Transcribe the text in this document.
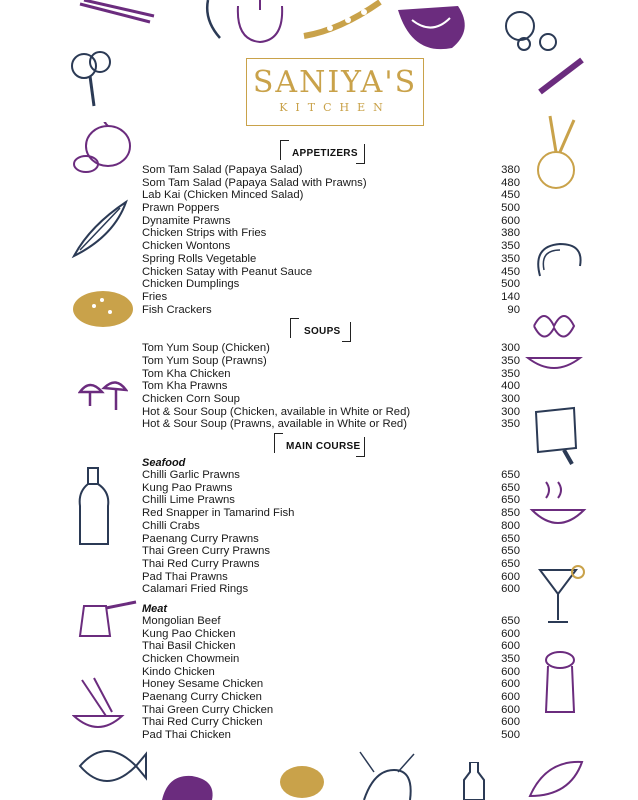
SANIYA'S
KITCHEN
APPETIZERS
Som Tam Salad (Papaya Salad)	380
Som Tam Salad (Papaya Salad with Prawns)	480
Lab Kai (Chicken Minced Salad)	450
Prawn Poppers	500
Dynamite Prawns	600
Chicken Strips with Fries	380
Chicken Wontons	350
Spring Rolls Vegetable	350
Chicken Satay with Peanut Sauce	450
Chicken Dumplings	500
Fries	140
Fish Crackers	90
SOUPS
Tom Yum Soup (Chicken)	300
Tom Yum Soup (Prawns)	350
Tom Kha Chicken	350
Tom Kha Prawns	400
Chicken Corn Soup	300
Hot & Sour Soup (Chicken, available in White or Red)	300
Hot & Sour Soup (Prawns, available in White or Red)	350
MAIN COURSE
Seafood
Chilli Garlic Prawns	650
Kung Pao Prawns	650
Chilli Lime Prawns	650
Red Snapper in Tamarind Fish	850
Chilli Crabs	800
Paenang Curry Prawns	650
Thai Green Curry Prawns	650
Thai Red Curry Prawns	650
Pad Thai Prawns	600
Calamari Fried Rings	600
Meat
Mongolian Beef	650
Kung Pao Chicken	600
Thai Basil Chicken	600
Chicken Chowmein	350
Kindo Chicken	600
Honey Sesame Chicken	600
Paenang Curry Chicken	600
Thai Green Curry Chicken	600
Thai Red Curry Chicken	600
Pad Thai Chicken	500
